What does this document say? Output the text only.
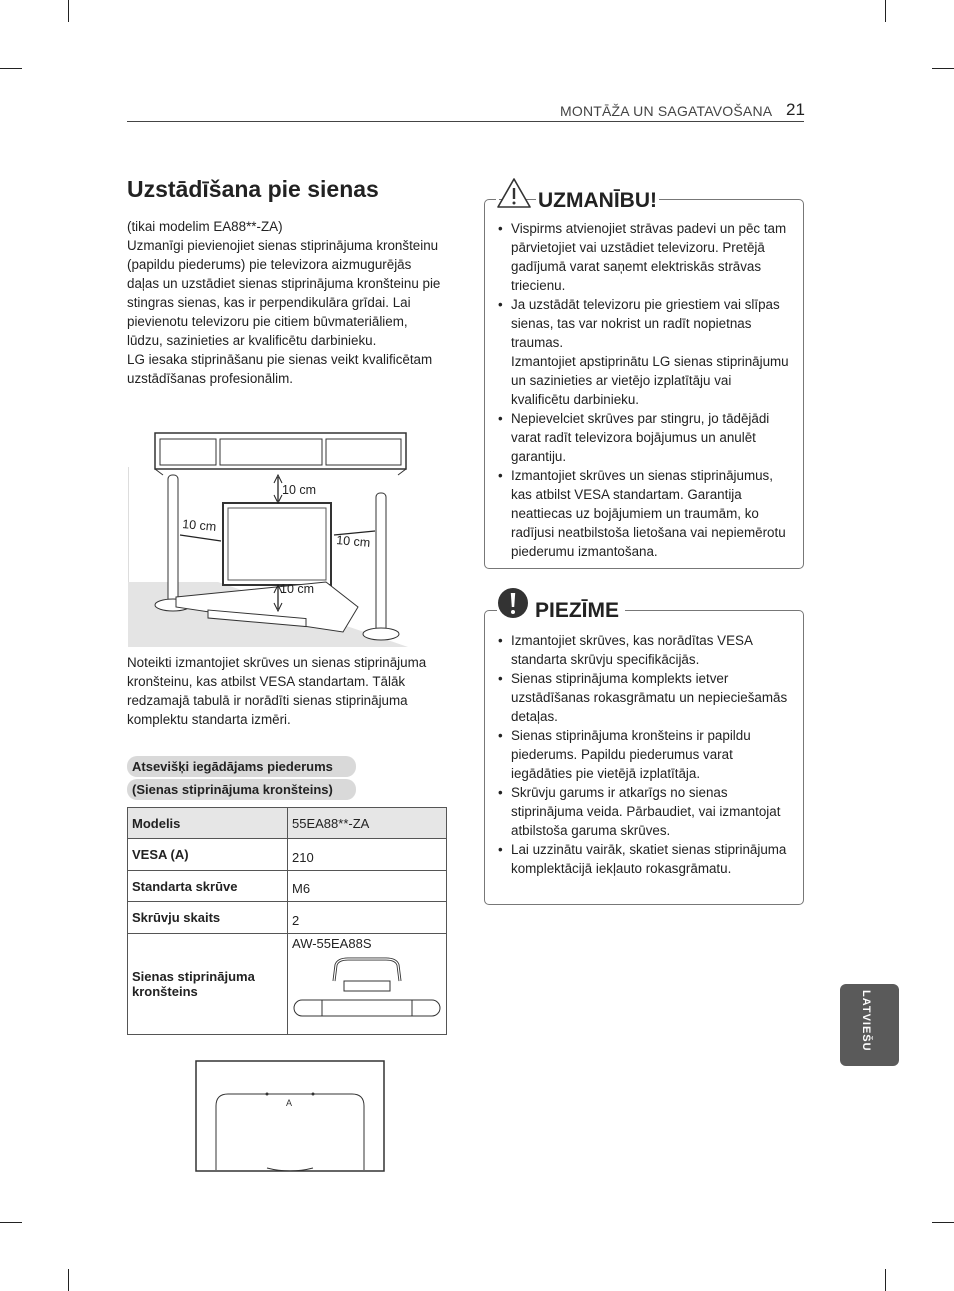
MONTĀŽA UN SAGATAVOŠANA 21
Uzstādīšana pie sienas

(tikai modelim EA88**-ZA)

Uzmanīgi pievienojiet sienas stiprinājuma kronšteinu (papildu piederums) pie televizora aizmugurējās daļas un uzstādiet sienas stiprinājuma kronšteinu pie stingras sienas, kas ir perpendikulāra grīdai. Lai pievienotu televizoru pie citiem būvmateriāliem, lūdzu, sazinieties ar kvalificētu darbinieku.

LG iesaka stiprināšanu pie sienas veikt kvalificētam uzstādīšanas profesionālim.

10 cm
10 cm
10 cm
10 cm

Noteikti izmantojiet skrūves un sienas stiprinājuma kronšteinu, kas atbilst VESA standartam. Tālāk redzamajā tabulā ir norādīti sienas stiprinājuma komplektu standarta izmēri.

Atsevišķi iegādājams piederums
(Sienas stiprinājuma kronšteins)
Modelis	55EA88**-ZA
VESA (A)	210
Standarta skrūve	M6
Skrūvju skaits	2
Sienas stiprinājuma kronšteins	AW-55EA88S
A
• Vispirms atvienojiet strāvas padevi un pēc tam pārvietojiet vai uzstādiet televizoru. Pretējā gadījumā varat saņemt elektriskās strāvas triecienu.
• Ja uzstādāt televizoru pie griestiem vai slīpas sienas, tas var nokrist un radīt nopietnas traumas.
Izmantojiet apstiprinātu LG sienas stiprinājumu un sazinieties ar vietējo izplatītāju vai kvalificētu darbinieku.
• Nepievelciet skrūves par stingru, jo tādējādi varat radīt televizora bojājumus un anulēt garantiju.
• Izmantojiet skrūves un sienas stiprinājumus, kas atbilst VESA standartam. Garantija neattiecas uz bojājumiem un traumām, ko radījusi neatbilstoša lietošana vai nepiemērotu piederumu izmantošana.
UZMANĪBU!
• Izmantojiet skrūves, kas norādītas VESA standarta skrūvju specifikācijās.
• Sienas stiprinājuma komplekts ietver uzstādīšanas rokasgrāmatu un nepieciešamās detaļas.
• Sienas stiprinājuma kronšteins ir papildu piederums. Papildu piederumus varat iegādāties pie vietējā izplatītāja.
• Skrūvju garums ir atkarīgs no sienas stiprinājuma veida. Pārbaudiet, vai izmantojat atbilstoša garuma skrūves.
• Lai uzzinātu vairāk, skatiet sienas stiprinājuma komplektācijā iekļauto rokasgrāmatu.
PIEZĪME
LATVIEŠU
